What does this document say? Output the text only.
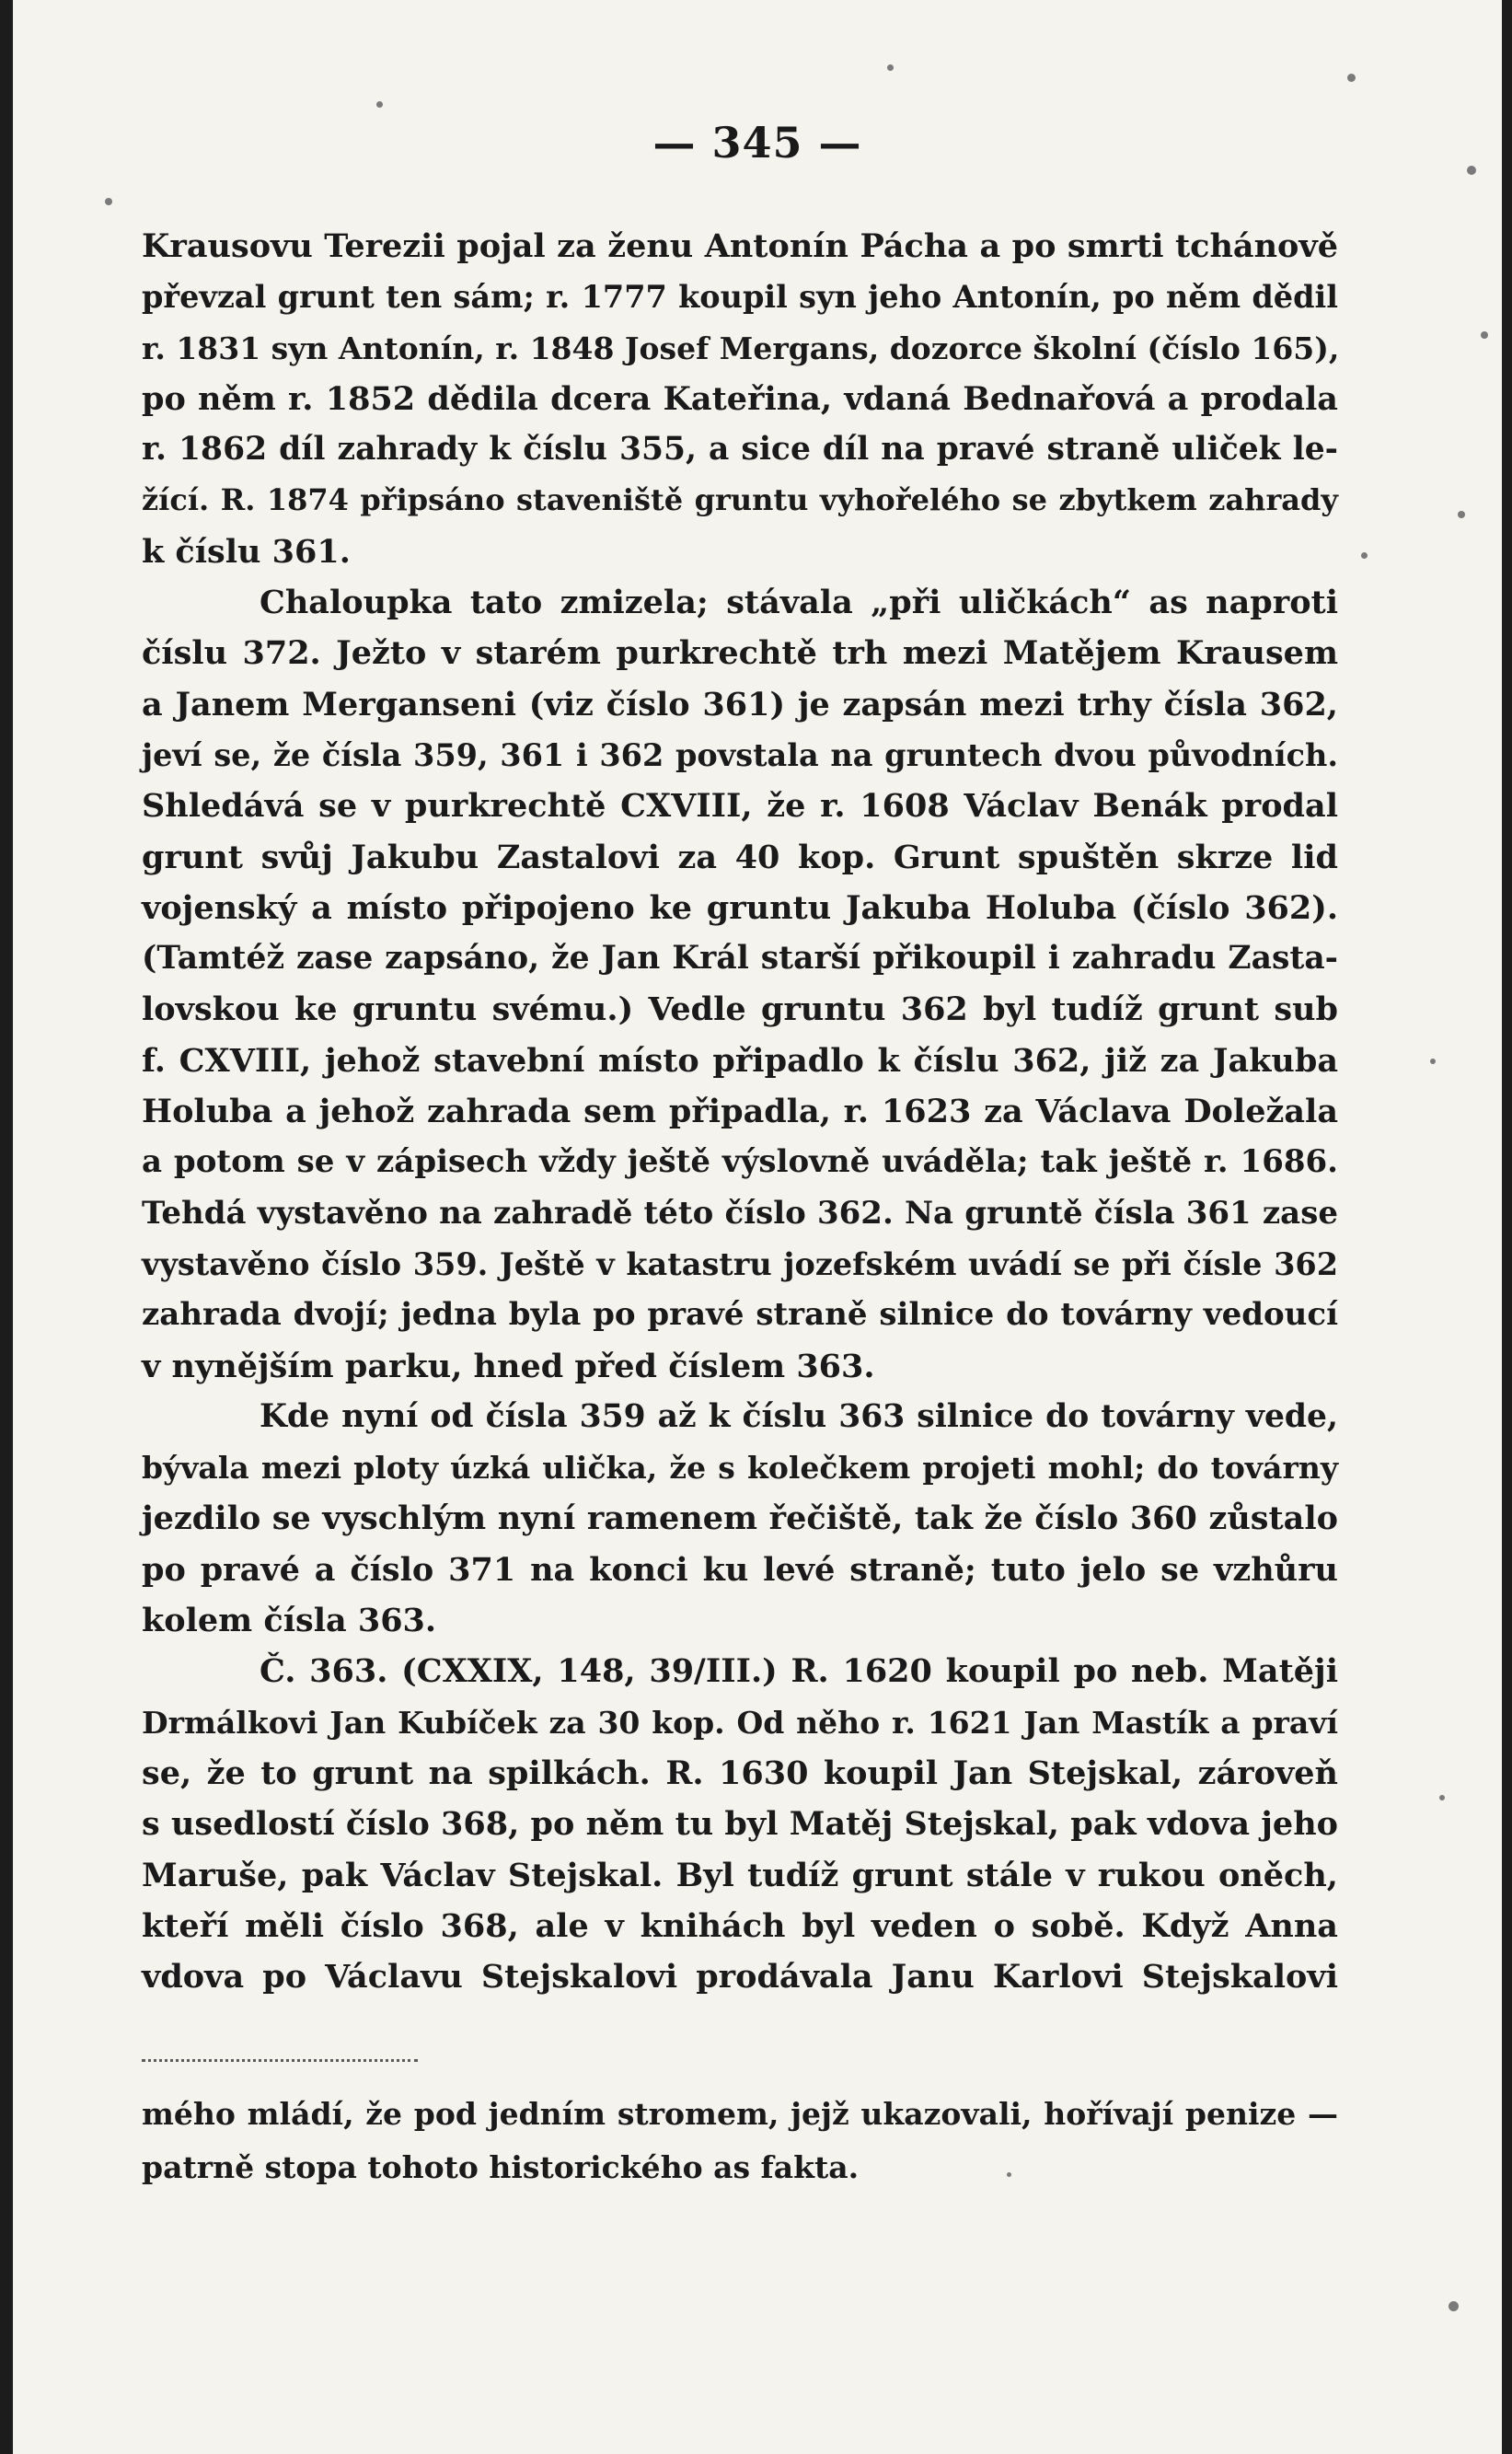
— 345 —
Krausovu Terezii pojal za ženu Antonín Pácha a po smrti tchánově
převzal grunt ten sám; r. 1777 koupil syn jeho Antonín, po něm dědil
r. 1831 syn Antonín, r. 1848 Josef Mergans, dozorce školní (číslo 165),
po něm r. 1852 dědila dcera Kateřina, vdaná Bednařová a prodala
r. 1862 díl zahrady k číslu 355, a sice díl na pravé straně uliček le-
žící. R. 1874 připsáno staveniště gruntu vyhořelého se zbytkem zahrady
k číslu 361.
Chaloupka tato zmizela; stávala „při uličkách“ as naproti
číslu 372. Ježto v starém purkrechtě trh mezi Matějem Krausem
a Janem Merganseni (viz číslo 361) je zapsán mezi trhy čísla 362,
jeví se, že čísla 359, 361 i 362 povstala na gruntech dvou původních.
Shledává se v purkrechtě CXVIII, že r. 1608 Václav Benák prodal
grunt svůj Jakubu Zastalovi za 40 kop. Grunt spuštěn skrze lid
vojenský a místo připojeno ke gruntu Jakuba Holuba (číslo 362).
(Tamtéž zase zapsáno, že Jan Král starší přikoupil i zahradu Zasta-
lovskou ke gruntu svému.) Vedle gruntu 362 byl tudíž grunt sub
f. CXVIII, jehož stavební místo připadlo k číslu 362, již za Jakuba
Holuba a jehož zahrada sem připadla, r. 1623 za Václava Doležala
a potom se v zápisech vždy ještě výslovně uváděla; tak ještě r. 1686.
Tehdá vystavěno na zahradě této číslo 362. Na gruntě čísla 361 zase
vystavěno číslo 359. Ještě v katastru jozefském uvádí se při čísle 362
zahrada dvojí; jedna byla po pravé straně silnice do továrny vedoucí
v nynějším parku, hned před číslem 363.
Kde nyní od čísla 359 až k číslu 363 silnice do továrny vede,
bývala mezi ploty úzká ulička, že s kolečkem projeti mohl; do továrny
jezdilo se vyschlým nyní ramenem řečiště, tak že číslo 360 zůstalo
po pravé a číslo 371 na konci ku levé straně; tuto jelo se vzhůru
kolem čísla 363.
Č. 363. (CXXIX, 148, 39/III.) R. 1620 koupil po neb. Matěji
Drmálkovi Jan Kubíček za 30 kop. Od něho r. 1621 Jan Mastík a praví
se, že to grunt na spilkách. R. 1630 koupil Jan Stejskal, zároveň
s usedlostí číslo 368, po něm tu byl Matěj Stejskal, pak vdova jeho
Maruše, pak Václav Stejskal. Byl tudíž grunt stále v rukou oněch,
kteří měli číslo 368, ale v knihách byl veden o sobě. Když Anna
vdova po Václavu Stejskalovi prodávala Janu Karlovi Stejskalovi
mého mládí, že pod jedním stromem, jejž ukazovali, hořívají penize —
patrně stopa tohoto historického as fakta.
